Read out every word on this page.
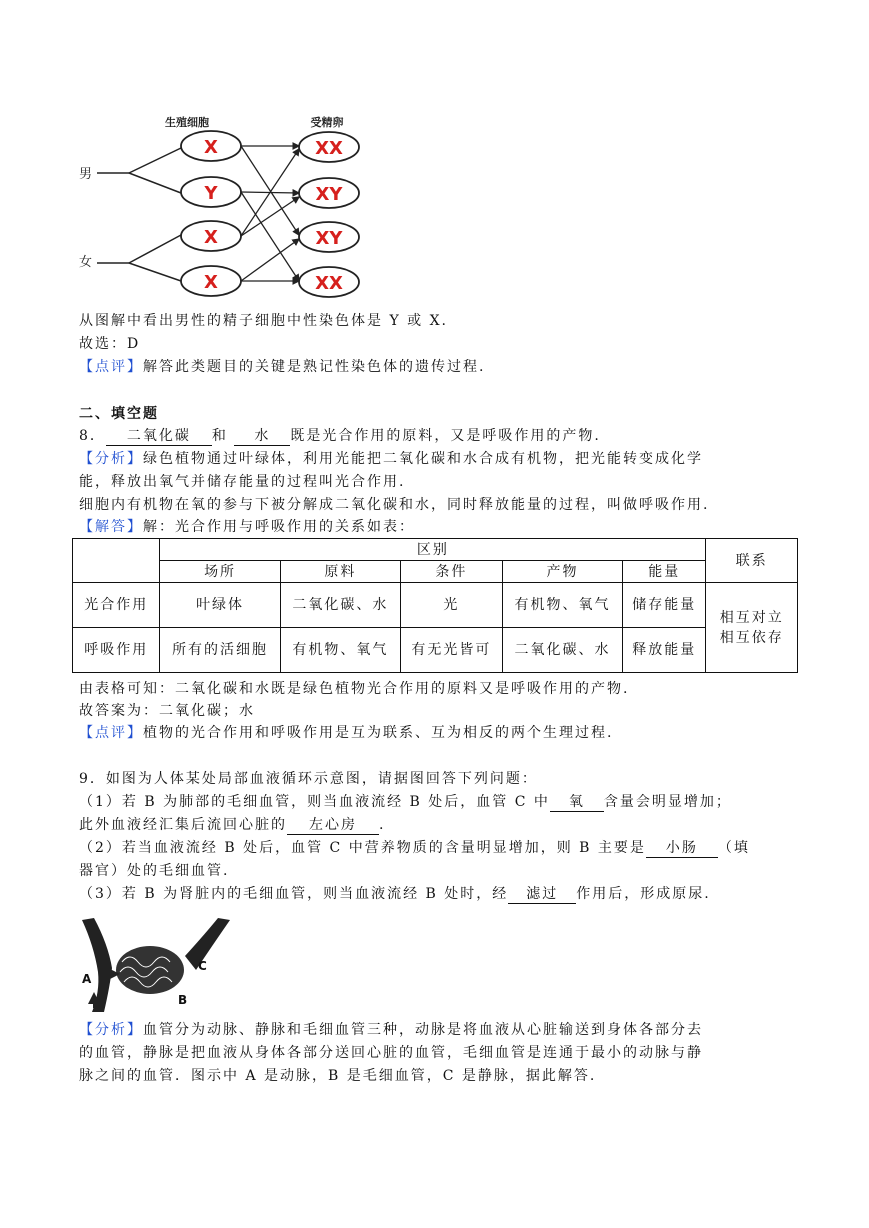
生殖细胞	受精卵
男
女
X
Y
X
X
XX
XY
XY
XX
从图解中看出男性的精子细胞中性染色体是 Y 或 X.
故选：D
【点评】解答此类题目的关键是熟记性染色体的遗传过程.
二、填空题
8． 二氧化碳 和 水 既是光合作用的原料，又是呼吸作用的产物.
【分析】绿色植物通过叶绿体，利用光能把二氧化碳和水合成有机物，把光能转变成化学
能，释放出氧气并储存能量的过程叫光合作用.
细胞内有机物在氧的参与下被分解成二氧化碳和水，同时释放能量的过程，叫做呼吸作用.
【解答】解：光合作用与呼吸作用的关系如表：
	区别					联系
	场所	原料	条件	产物	能量	
光合作用	叶绿体	二氧化碳、水	光	有机物、氧气	储存能量	相互对立
相互依存

呼吸作用	所有的活细胞	有机物、氧气	有无光皆可	二氧化碳、水	释放能量	
由表格可知：二氧化碳和水既是绿色植物光合作用的原料又是呼吸作用的产物.
故答案为：二氧化碳；水
【点评】植物的光合作用和呼吸作用是互为联系、互为相反的两个生理过程.
9．如图为人体某处局部血液循环示意图，请据图回答下列问题：
（1）若 B 为肺部的毛细血管，则当血液流经 B 处后，血管 C 中 氧 含量会明显增加；
此外血液经汇集后流回心脏的 左心房 .
（2）若当血液流经 B 处后，血管 C 中营养物质的含量明显增加，则 B 主要是 小肠 （填
器官）处的毛细血管.
（3）若 B 为肾脏内的毛细血管，则当血液流经 B 处时，经 滤过 作用后，形成原尿.
A
B
C
【分析】血管分为动脉、静脉和毛细血管三种，动脉是将血液从心脏输送到身体各部分去
的血管，静脉是把血液从身体各部分送回心脏的血管，毛细血管是连通于最小的动脉与静
脉之间的血管．图示中 A 是动脉，B 是毛细血管，C 是静脉，据此解答.
